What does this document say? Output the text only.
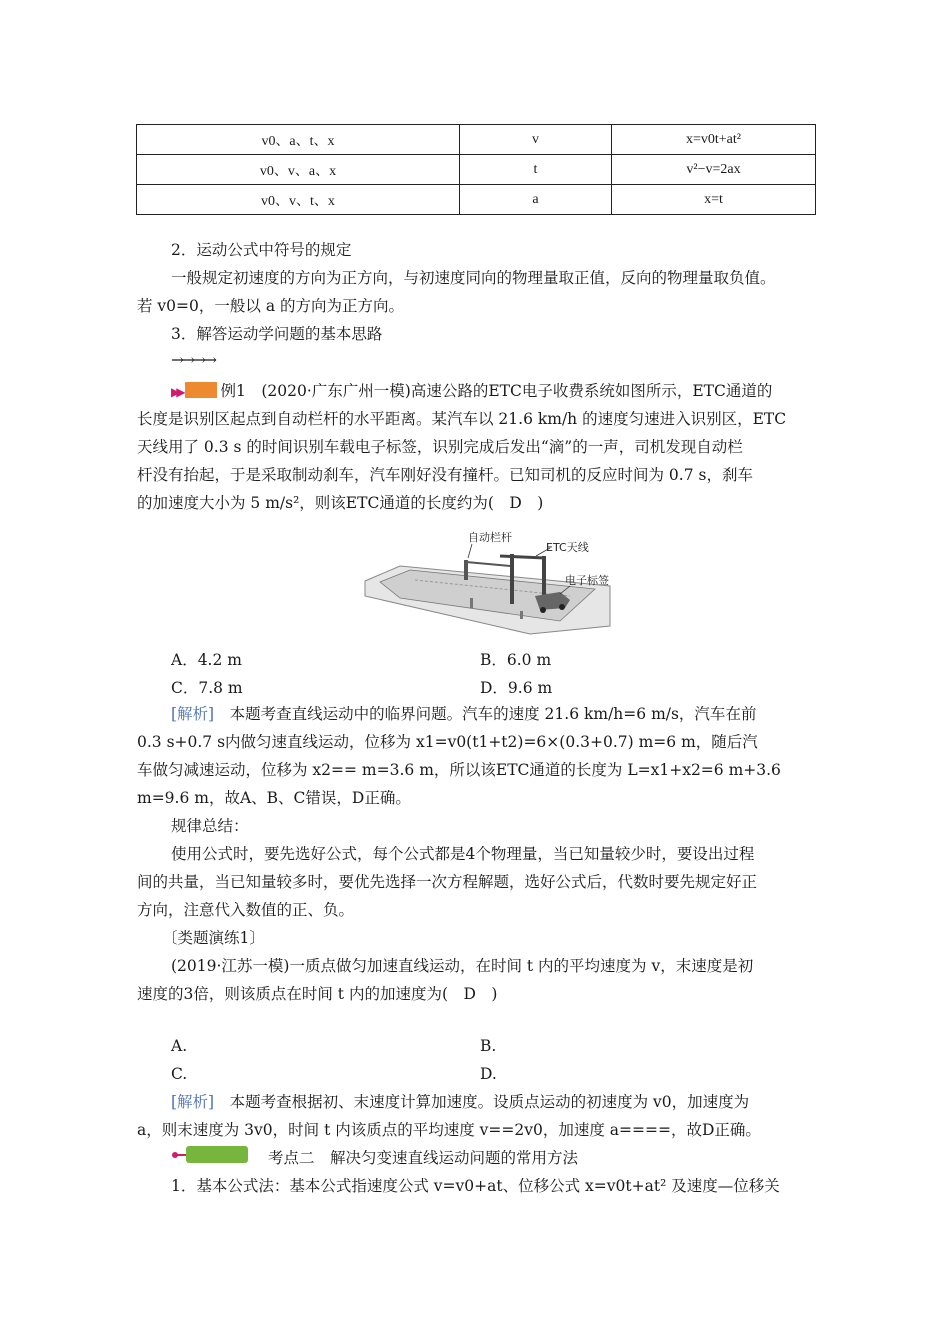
v0、a、t、x	v	x=v0t+at²
v0、v、a、x	t	v²−v=2ax
v0、v、t、x	a	x=t
2．运动公式中符号的规定
一般规定初速度的方向为正方向，与初速度同向的物理量取正值，反向的物理量取负值。
若 v0=0，一般以 a 的方向为正方向。
3．解答运动学问题的基本思路
→→→→
▶▶	例1　 (2020·广东广州一模)高速公路的ETC电子收费系统如图所示，ETC通道的
长度是识别区起点到自动栏杆的水平距离。某汽车以 21.6 km/h 的速度匀速进入识别区，ETC
天线用了 0.3 s 的时间识别车载电子标签，识别完成后发出“滴”的一声，司机发现自动栏
杆没有抬起，于是采取制动刹车，汽车刚好没有撞杆。已知司机的反应时间为 0.7 s，刹车
的加速度大小为 5 m/s²，则该ETC通道的长度约为(　D　)
自动栏杆
ETC天线
电子标签
A．4.2 m	B．6.0 m
C．7.8 m	D．9.6 m
[解析]　 本题考查直线运动中的临界问题。汽车的速度 21.6 km/h=6 m/s，汽车在前
0.3 s+0.7 s内做匀速直线运动，位移为 x1=v0(t1+t2)=6×(0.3+0.7) m=6 m，随后汽
车做匀减速运动，位移为 x2== m=3.6 m，所以该ETC通道的长度为 L=x1+x2=6 m+3.6
m=9.6 m，故A、B、C错误，D正确。
规律总结：
使用公式时，要先选好公式，每个公式都是4个物理量，当已知量较少时，要设出过程
间的共量，当已知量较多时，要优先选择一次方程解题，选好公式后，代数时要先规定好正
方向，注意代入数值的正、负。
〔类题演练1〕
(2019·江苏一模)一质点做匀加速直线运动，在时间 t 内的平均速度为 v，末速度是初
速度的3倍，则该质点在时间 t 内的加速度为(　D　)
A.	B.
C.	D.
[解析]　 本题考查根据初、末速度计算加速度。设质点运动的初速度为 v0，加速度为
a，则末速度为 3v0，时间 t 内该质点的平均速度 v==2v0，加速度 a====，故D正确。
考点二　解决匀变速直线运动问题的常用方法
1．基本公式法：基本公式指速度公式 v=v0+at、位移公式 x=v0t+at² 及速度—位移关
